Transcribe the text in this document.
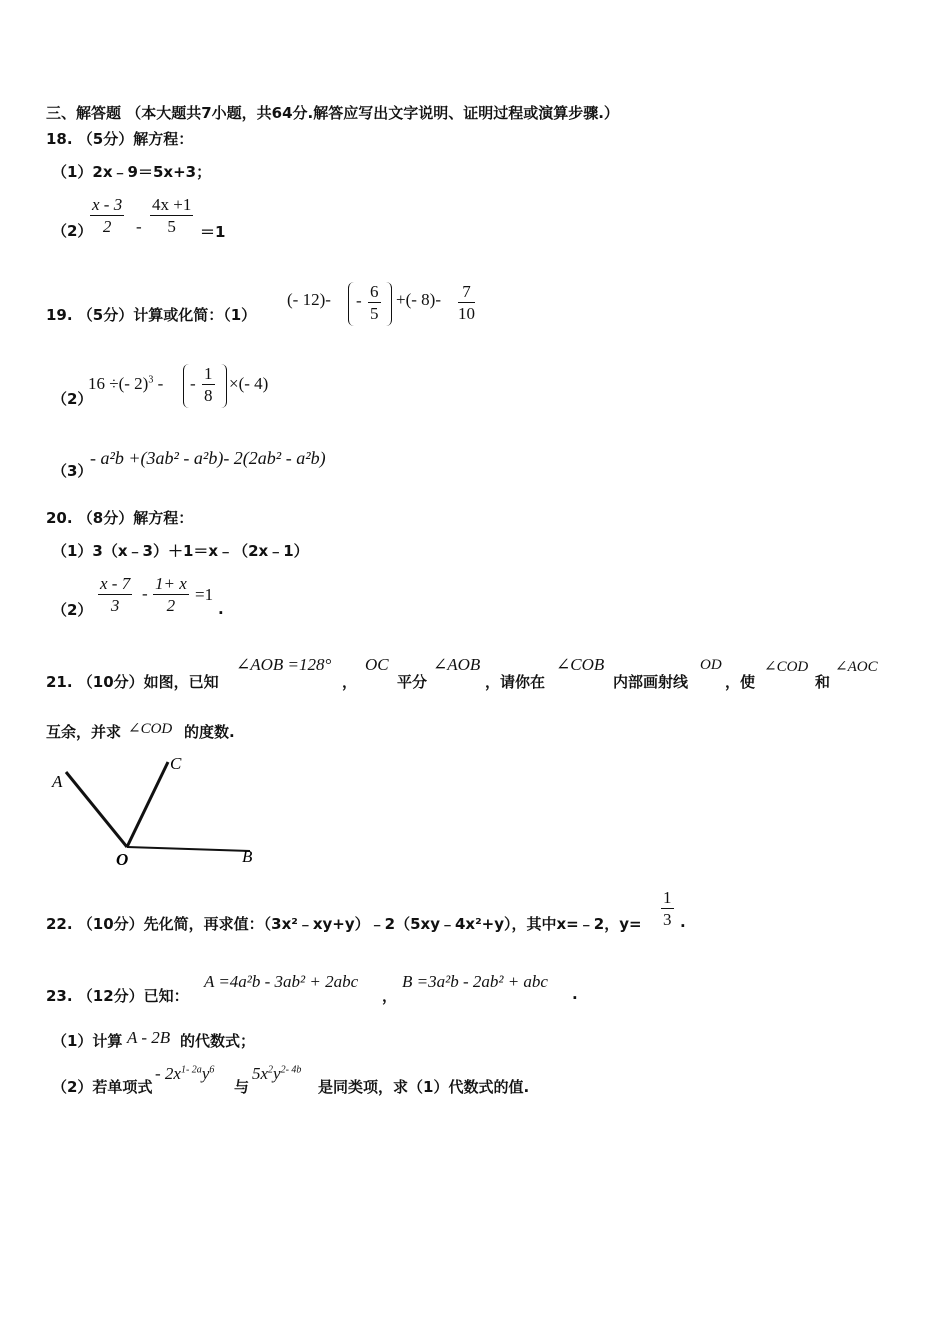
三、解答题 （本大题共7小题，共64分.解答应写出文字说明、证明过程或演算步骤.）
18. （5分）解方程：
（1）2x﹣9＝5x+3；
（2）
$\frac{x - 3}{2} - \frac{4x +1}{5} =1$
19. （5分）计算或化简：（1）
(- $12)- - \frac{6}{5}$ +(- $8)- \frac{7}{10}$
（2）
16 ÷(- 2)$^3$ - - $\frac{1}{8}$ ×(- 4)
（3）
- a²b +(3ab² - a²b)- 2(2ab² - a²b)
20. （8分）解方程：
（1）3（x﹣3）＋1＝x﹣（2x﹣1）
$(2) \frac{x - 7}{3} - \frac{1+ x}{2} =1$
.
21. （10分）如图，已知
∠AOB =128°
，
OC
平分
∠AOB
，请你在
∠COB
内部画射线
OD
，使
∠COD
和
∠AOC
互余，并求 ∠COD 的度数.
A
C
O	B
22. （10分）先化简，再求值：（3x²﹣xy+y）﹣2（5xy﹣4x²+y），其中x=﹣2，$y= \frac{1}{3}$ .
23. （12分）已知：
A =4a²b - 3ab² + 2abc
，
B =3a²b - 2ab² + abc
.
（1）计算 A - 2B 的代数式；
（2）若单项式
- $2x^{1- 2a}y^6$
与
$5x^2y^{2- 4b}$
是同类项，求（1）代数式的值.
